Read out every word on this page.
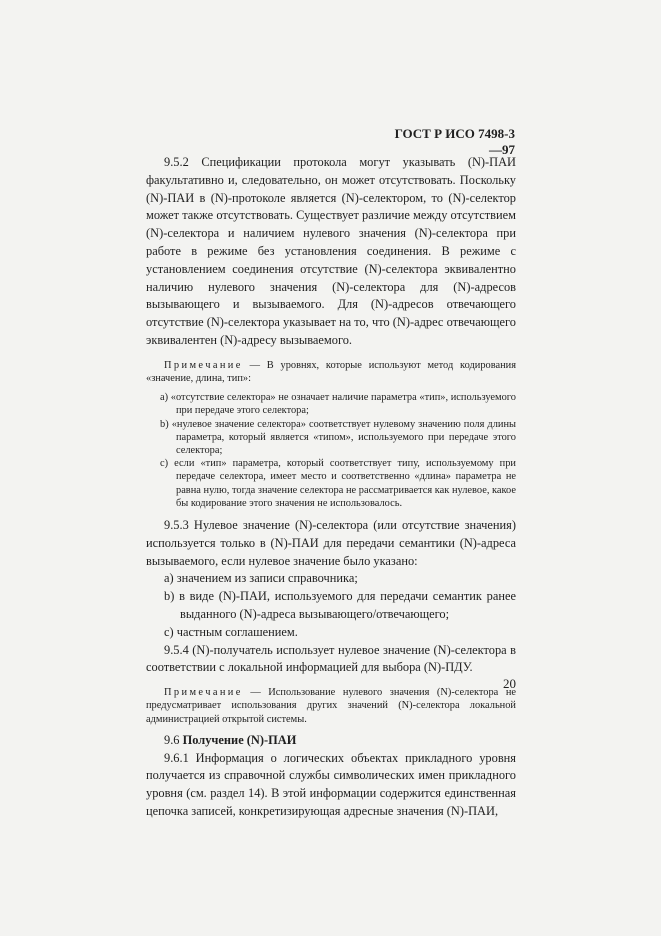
ГОСТ Р ИСО 7498-3—97

9.5.2 Спецификации протокола могут указывать (N)-ПАИ факультативно и, следовательно, он может отсутствовать. Поскольку (N)-ПАИ в (N)-протоколе является (N)-селектором, то (N)-селектор может также отсутствовать. Существует различие между отсутствием (N)-селектора и наличием нулевого значения (N)-селектора при работе в режиме без установления соединения. В режиме с установлением соединения отсутствие (N)-селектора эквивалентно наличию нулевого значения (N)-селектора для (N)-адресов вызывающего и вызываемого. Для (N)-адресов отвечающего отсутствие (N)-селектора указывает на то, что (N)-адрес отвечающего эквивалентен (N)-адресу вызываемого.

Примечание — В уровнях, которые используют метод кодирования «значение, длина, тип»:

a) «отсутствие селектора» не означает наличие параметра «тип», используемого при передаче этого селектора;

b) «нулевое значение селектора» соответствует нулевому значению поля длины параметра, который является «типом», используемого при передаче этого селектора;

c) если «тип» параметра, который соответствует типу, используемому при передаче селектора, имеет место и соответственно «длина» параметра не равна нулю, тогда значение селектора не рассматривается как нулевое, какое бы кодирование этого значения не использовалось.

9.5.3 Нулевое значение (N)-селектора (или отсутствие значения) используется только в (N)-ПАИ для передачи семантики (N)-адреса вызываемого, если нулевое значение было указано:

a) значением из записи справочника;

b) в виде (N)-ПАИ, используемого для передачи семантик ранее выданного (N)-адреса вызывающего/отвечающего;

c) частным соглашением.

9.5.4 (N)-получатель использует нулевое значение (N)-селектора в соответствии с локальной информацией для выбора (N)-ПДУ.

Примечание — Использование нулевого значения (N)-селектора не предусматривает использования других значений (N)-селектора локальной администрацией открытой системы.

9.6 Получение (N)-ПАИ

9.6.1 Информация о логических объектах прикладного уровня получается из справочной службы символических имен прикладного уровня (см. раздел 14). В этой информации содержится единственная цепочка записей, конкретизирующая адресные значения (N)-ПАИ,

20
